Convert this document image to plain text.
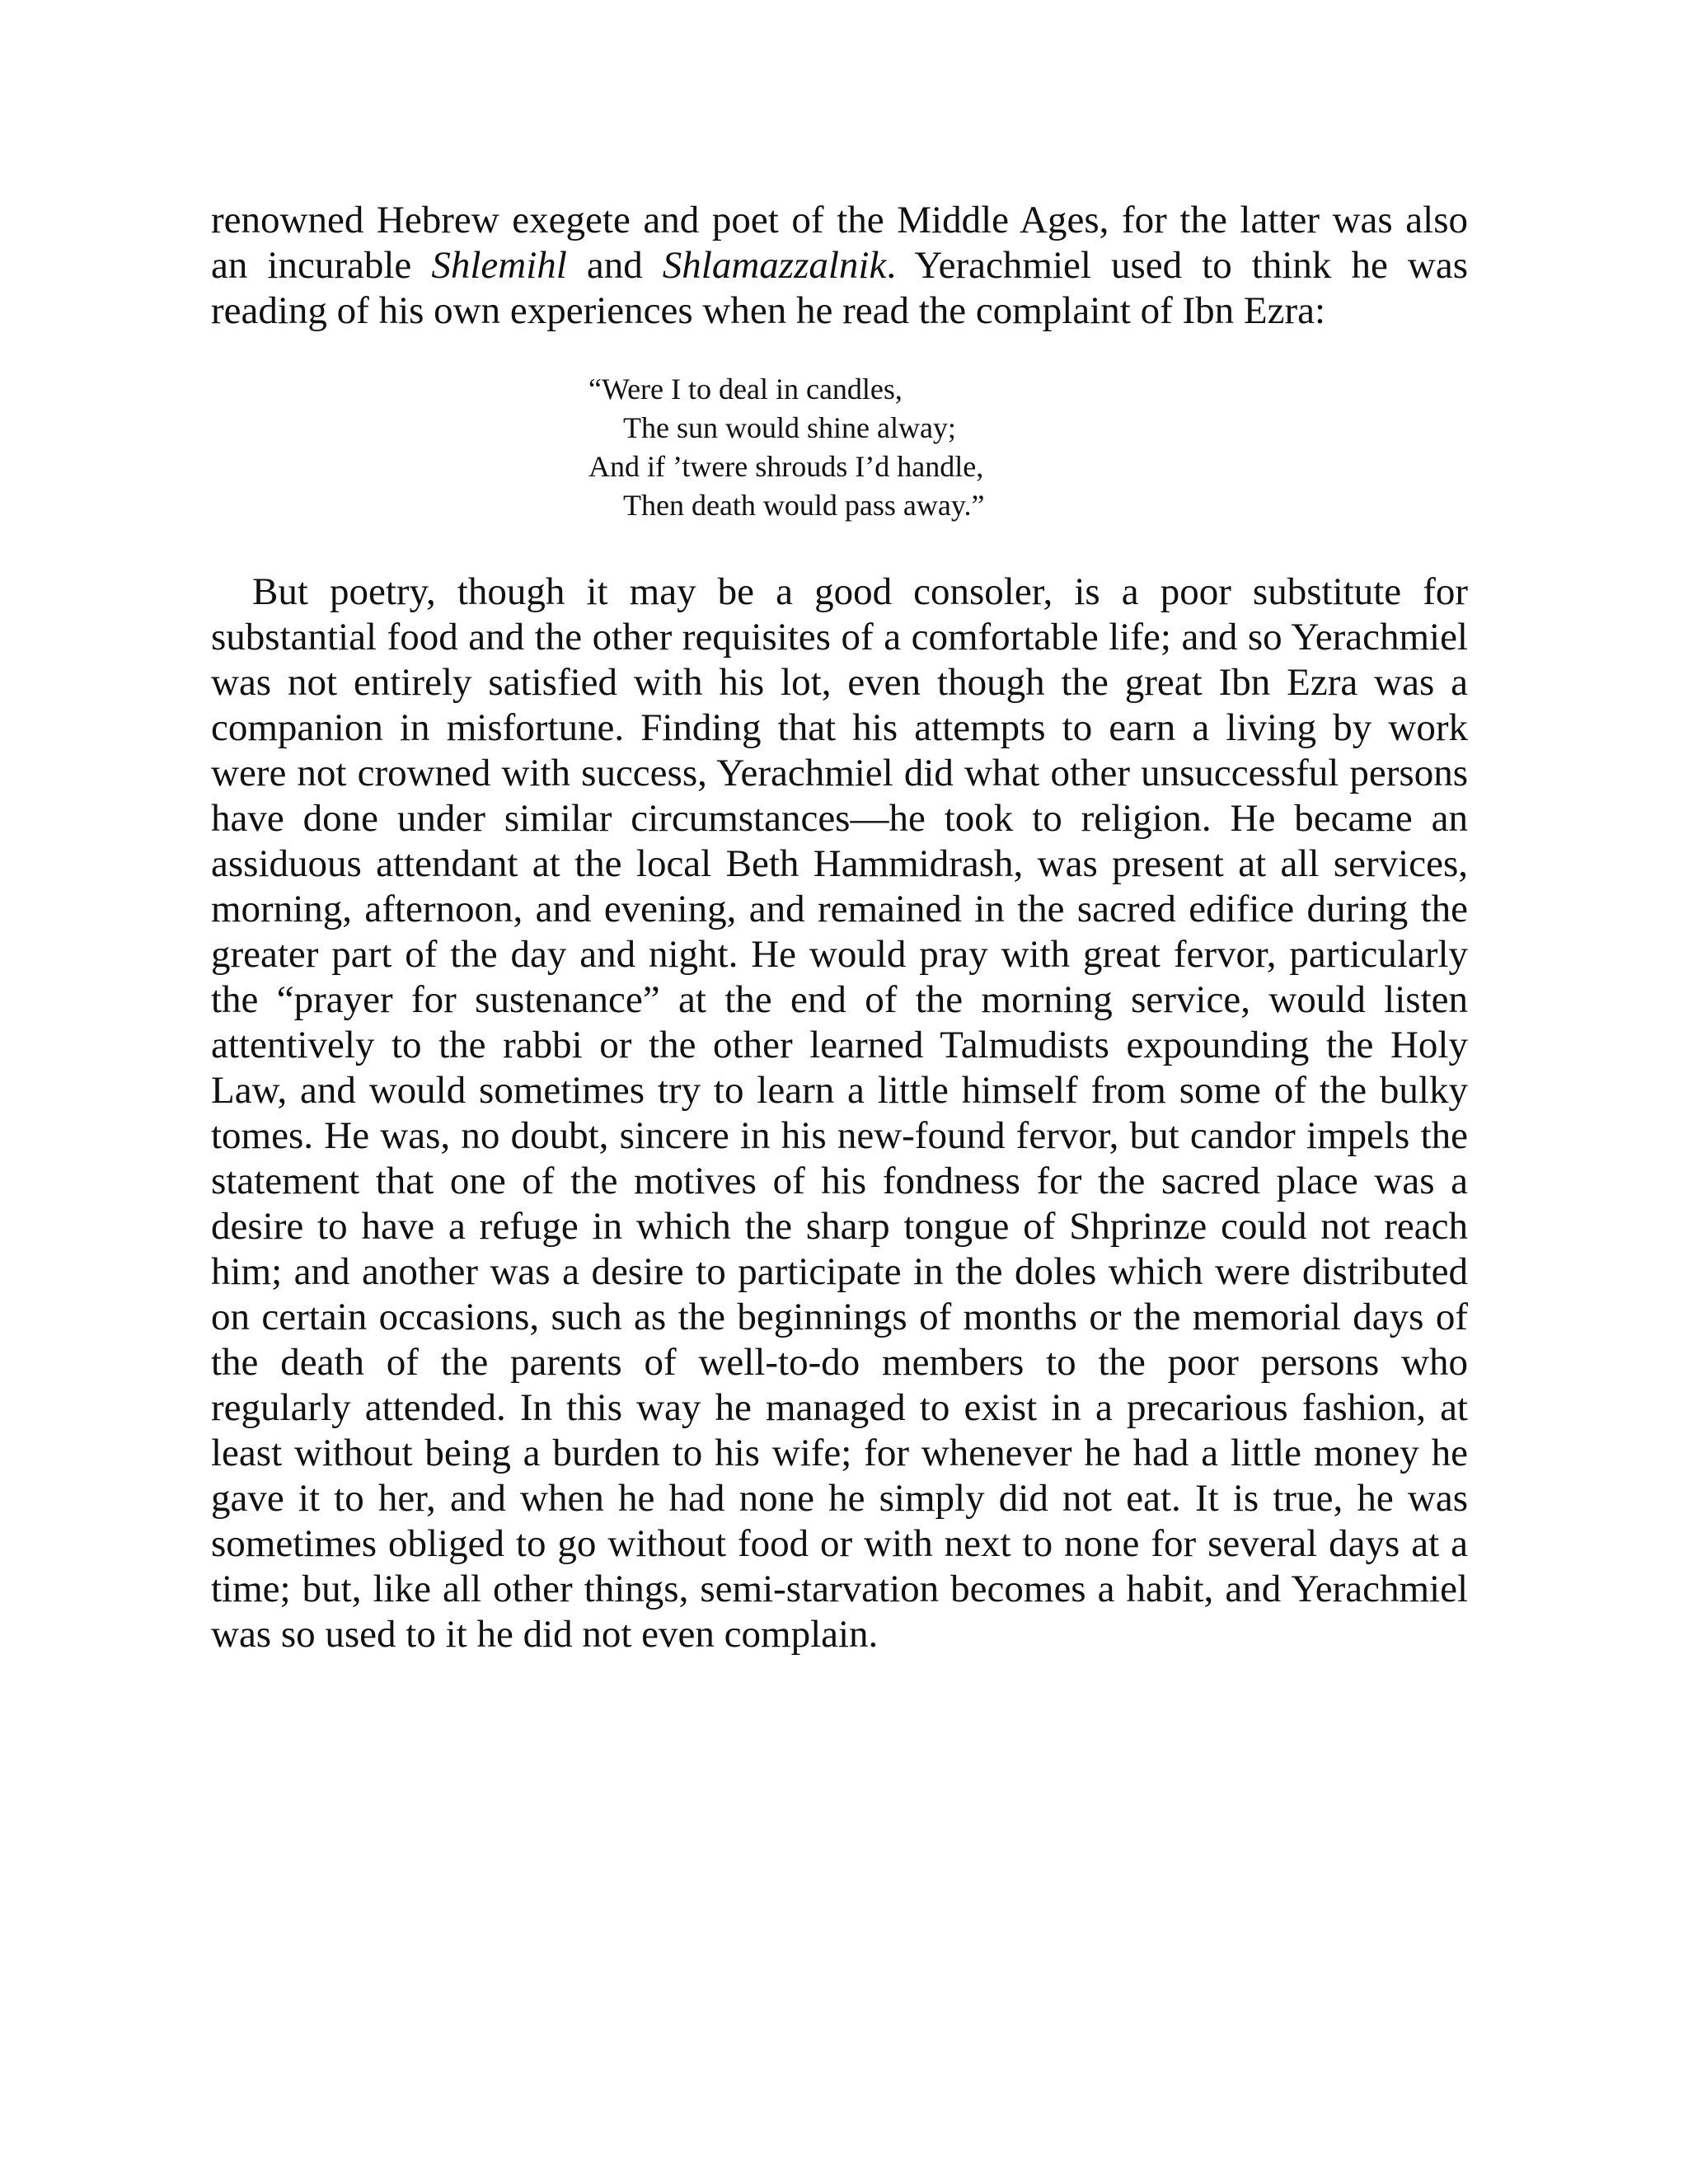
renowned Hebrew exegete and poet of the Middle Ages, for the latter was also an incurable Shlemihl and Shlamazzalnik. Yerachmiel used to think he was reading of his own experiences when he read the complaint of Ibn Ezra:

“Were I to deal in candles,
The sun would shine alway;
And if ’twere shrouds I’d handle,
Then death would pass away.”

But poetry, though it may be a good consoler, is a poor substitute for substantial food and the other requisites of a comfortable life; and so Yerachmiel was not entirely satisfied with his lot, even though the great Ibn Ezra was a companion in misfortune. Finding that his attempts to earn a living by work were not crowned with success, Yerachmiel did what other unsuccessful persons have done under similar circumstances—he took to religion. He became an assiduous attendant at the local Beth Hammidrash, was present at all services, morning, afternoon, and evening, and remained in the sacred edifice during the greater part of the day and night. He would pray with great fervor, particularly the “prayer for sustenance” at the end of the morning service, would listen attentively to the rabbi or the other learned Talmudists expounding the Holy Law, and would sometimes try to learn a little himself from some of the bulky tomes. He was, no doubt, sincere in his new-found fervor, but candor impels the statement that one of the motives of his fondness for the sacred place was a desire to have a refuge in which the sharp tongue of Shprinze could not reach him; and another was a desire to participate in the doles which were distributed on certain occasions, such as the beginnings of months or the memorial days of the death of the parents of well-to-do members to the poor persons who regularly attended. In this way he managed to exist in a precarious fashion, at least without being a burden to his wife; for whenever he had a little money he gave it to her, and when he had none he simply did not eat. It is true, he was sometimes obliged to go without food or with next to none for several days at a time; but, like all other things, semi-starvation becomes a habit, and Yerachmiel was so used to it he did not even complain.
